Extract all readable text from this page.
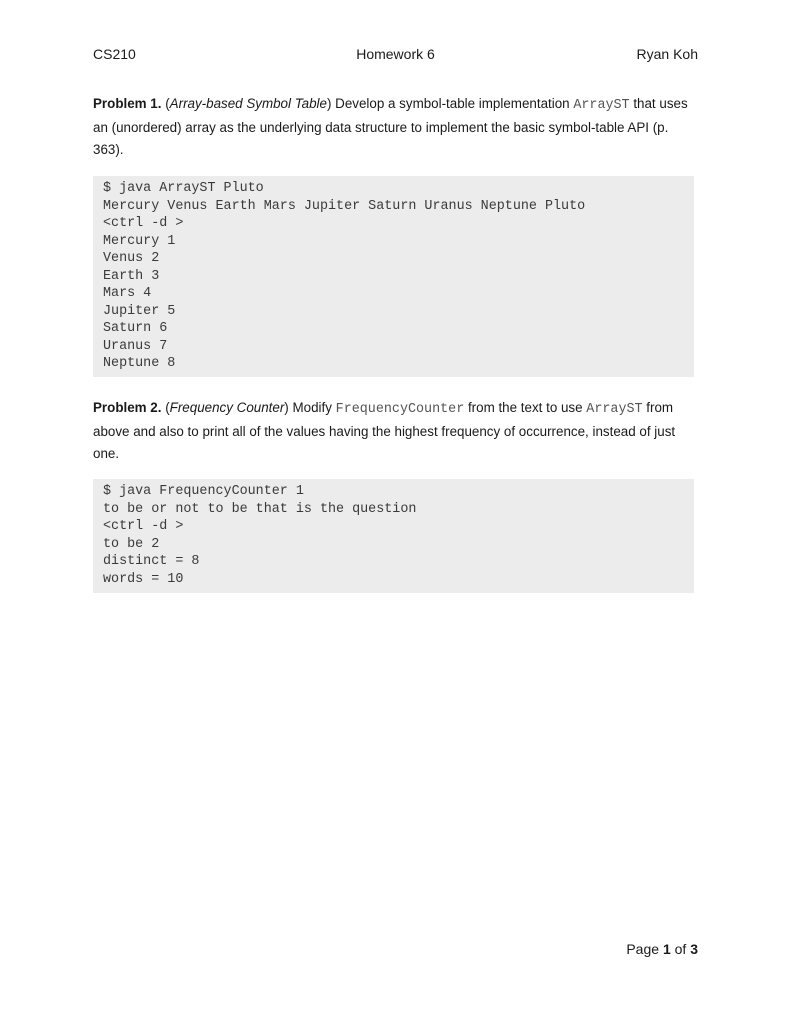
CS210	Homework 6	Ryan Koh
Problem 1. (Array-based Symbol Table) Develop a symbol-table implementation ArrayST that uses an (unordered) array as the underlying data structure to implement the basic symbol-table API (p. 363).
$ java ArrayST Pluto
Mercury Venus Earth Mars Jupiter Saturn Uranus Neptune Pluto
<ctrl -d >
Mercury 1
Venus 2
Earth 3
Mars 4
Jupiter 5
Saturn 6
Uranus 7
Neptune 8
Problem 2. (Frequency Counter) Modify FrequencyCounter from the text to use ArrayST from above and also to print all of the values having the highest frequency of occurrence, instead of just one.
$ java FrequencyCounter 1
to be or not to be that is the question
<ctrl -d >
to be 2
distinct = 8
words = 10
Page 1 of 3
